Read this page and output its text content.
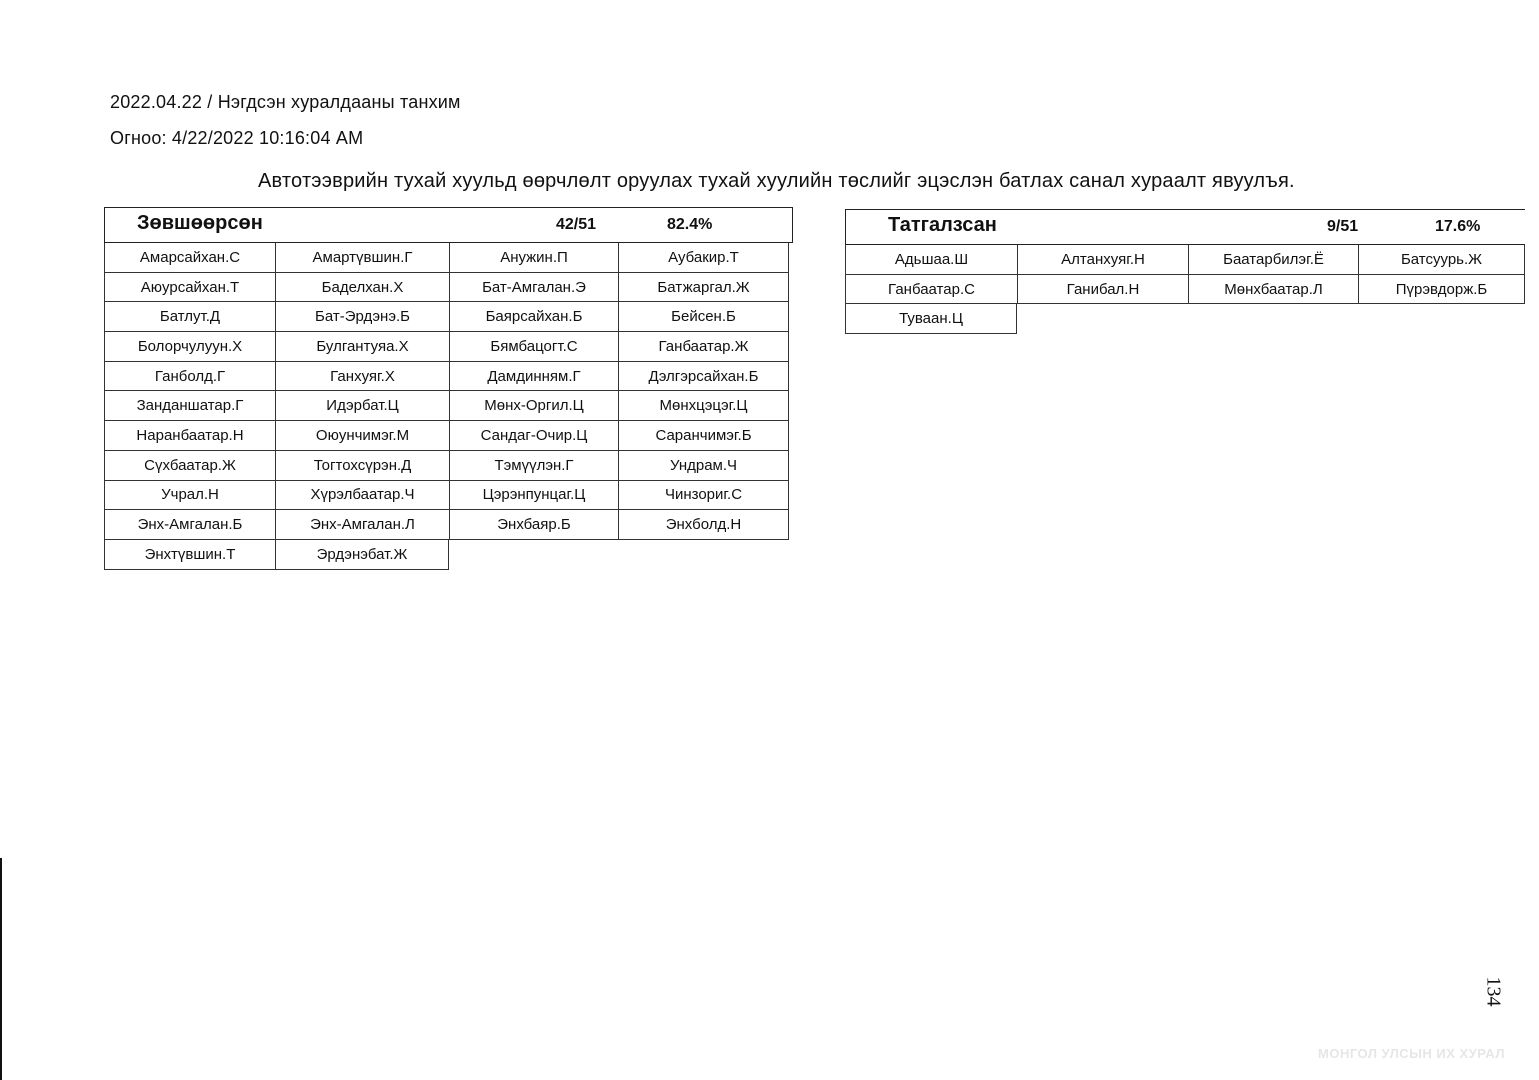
2022.04.22 / Нэгдсэн хуралдааны танхим
Огноо: 4/22/2022 10:16:04 AM
Автотээврийн тухай хуульд өөрчлөлт оруулах тухай хуулийн төслийг эцэслэн батлах санал хураалт явуулъя.
Зөвшөөрсөн	42/51	82.4%
Амарсайхан.С	Амартүвшин.Г	Анужин.П	Аубакир.Т
Аюурсайхан.Т	Баделхан.Х	Бат-Амгалан.Э	Батжаргал.Ж
Батлут.Д	Бат-Эрдэнэ.Б	Баярсайхан.Б	Бейсен.Б
Болорчулуун.Х	Булгантуяа.Х	Бямбацогт.С	Ганбаатар.Ж
Ганболд.Г	Ганхуяг.Х	Дамдинням.Г	Дэлгэрсайхан.Б
Занданшатар.Г	Идэрбат.Ц	Мөнх-Оргил.Ц	Мөнхцэцэг.Ц
Наранбаатар.Н	Оюунчимэг.М	Сандаг-Очир.Ц	Саранчимэг.Б
Сүхбаатар.Ж	Тогтохсүрэн.Д	Тэмүүлэн.Г	Ундрам.Ч
Учрал.Н	Хүрэлбаатар.Ч	Цэрэнпунцаг.Ц	Чинзориг.С
Энх-Амгалан.Б	Энх-Амгалан.Л	Энхбаяр.Б	Энхболд.Н
Энхтүвшин.Т	Эрдэнэбат.Ж
Татгалзсан	9/51	17.6%
Адьшаа.Ш	Алтанхуяг.Н	Баатарбилэг.Ё	Батсуурь.Ж
Ганбаатар.С	Ганибал.Н	Мөнхбаатар.Л	Пүрэвдорж.Б
Туваан.Ц
134
МОНГОЛ УЛСЫН ИХ ХУРАЛ
